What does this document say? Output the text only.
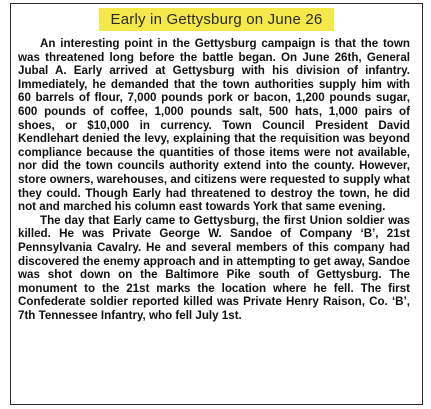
Early in Gettysburg on June 26

An interesting point in the Gettysburg campaign is that the town was threatened long before the battle began. On June 26th, General Jubal A. Early arrived at Gettysburg with his division of infantry. Immediately, he demanded that the town authorities supply him with 60 barrels of flour, 7,000 pounds pork or bacon, 1,200 pounds sugar, 600 pounds of coffee, 1,000 pounds salt, 500 hats, 1,000 pairs of shoes, or $10,000 in currency. Town Council President David Kendlehart denied the levy, explaining that the requisition was beyond compliance because the quantities of those items were not available, nor did the town councils authority extend into the county. However, store owners, warehouses, and citizens were requested to supply what they could. Though Early had threatened to destroy the town, he did not and marched his column east towards York that same evening.

The day that Early came to Gettysburg, the first Union soldier was killed. He was Private George W. Sandoe of Company ‘B’, 21st Pennsylvania Cavalry. He and several members of this company had discovered the enemy approach and in attempting to get away, Sandoe was shot down on the Baltimore Pike south of Gettysburg. The monument to the 21st marks the location where he fell. The first Confederate soldier reported killed was Private Henry Raison, Co. ‘B’, 7th Tennessee Infantry, who fell July 1st.
